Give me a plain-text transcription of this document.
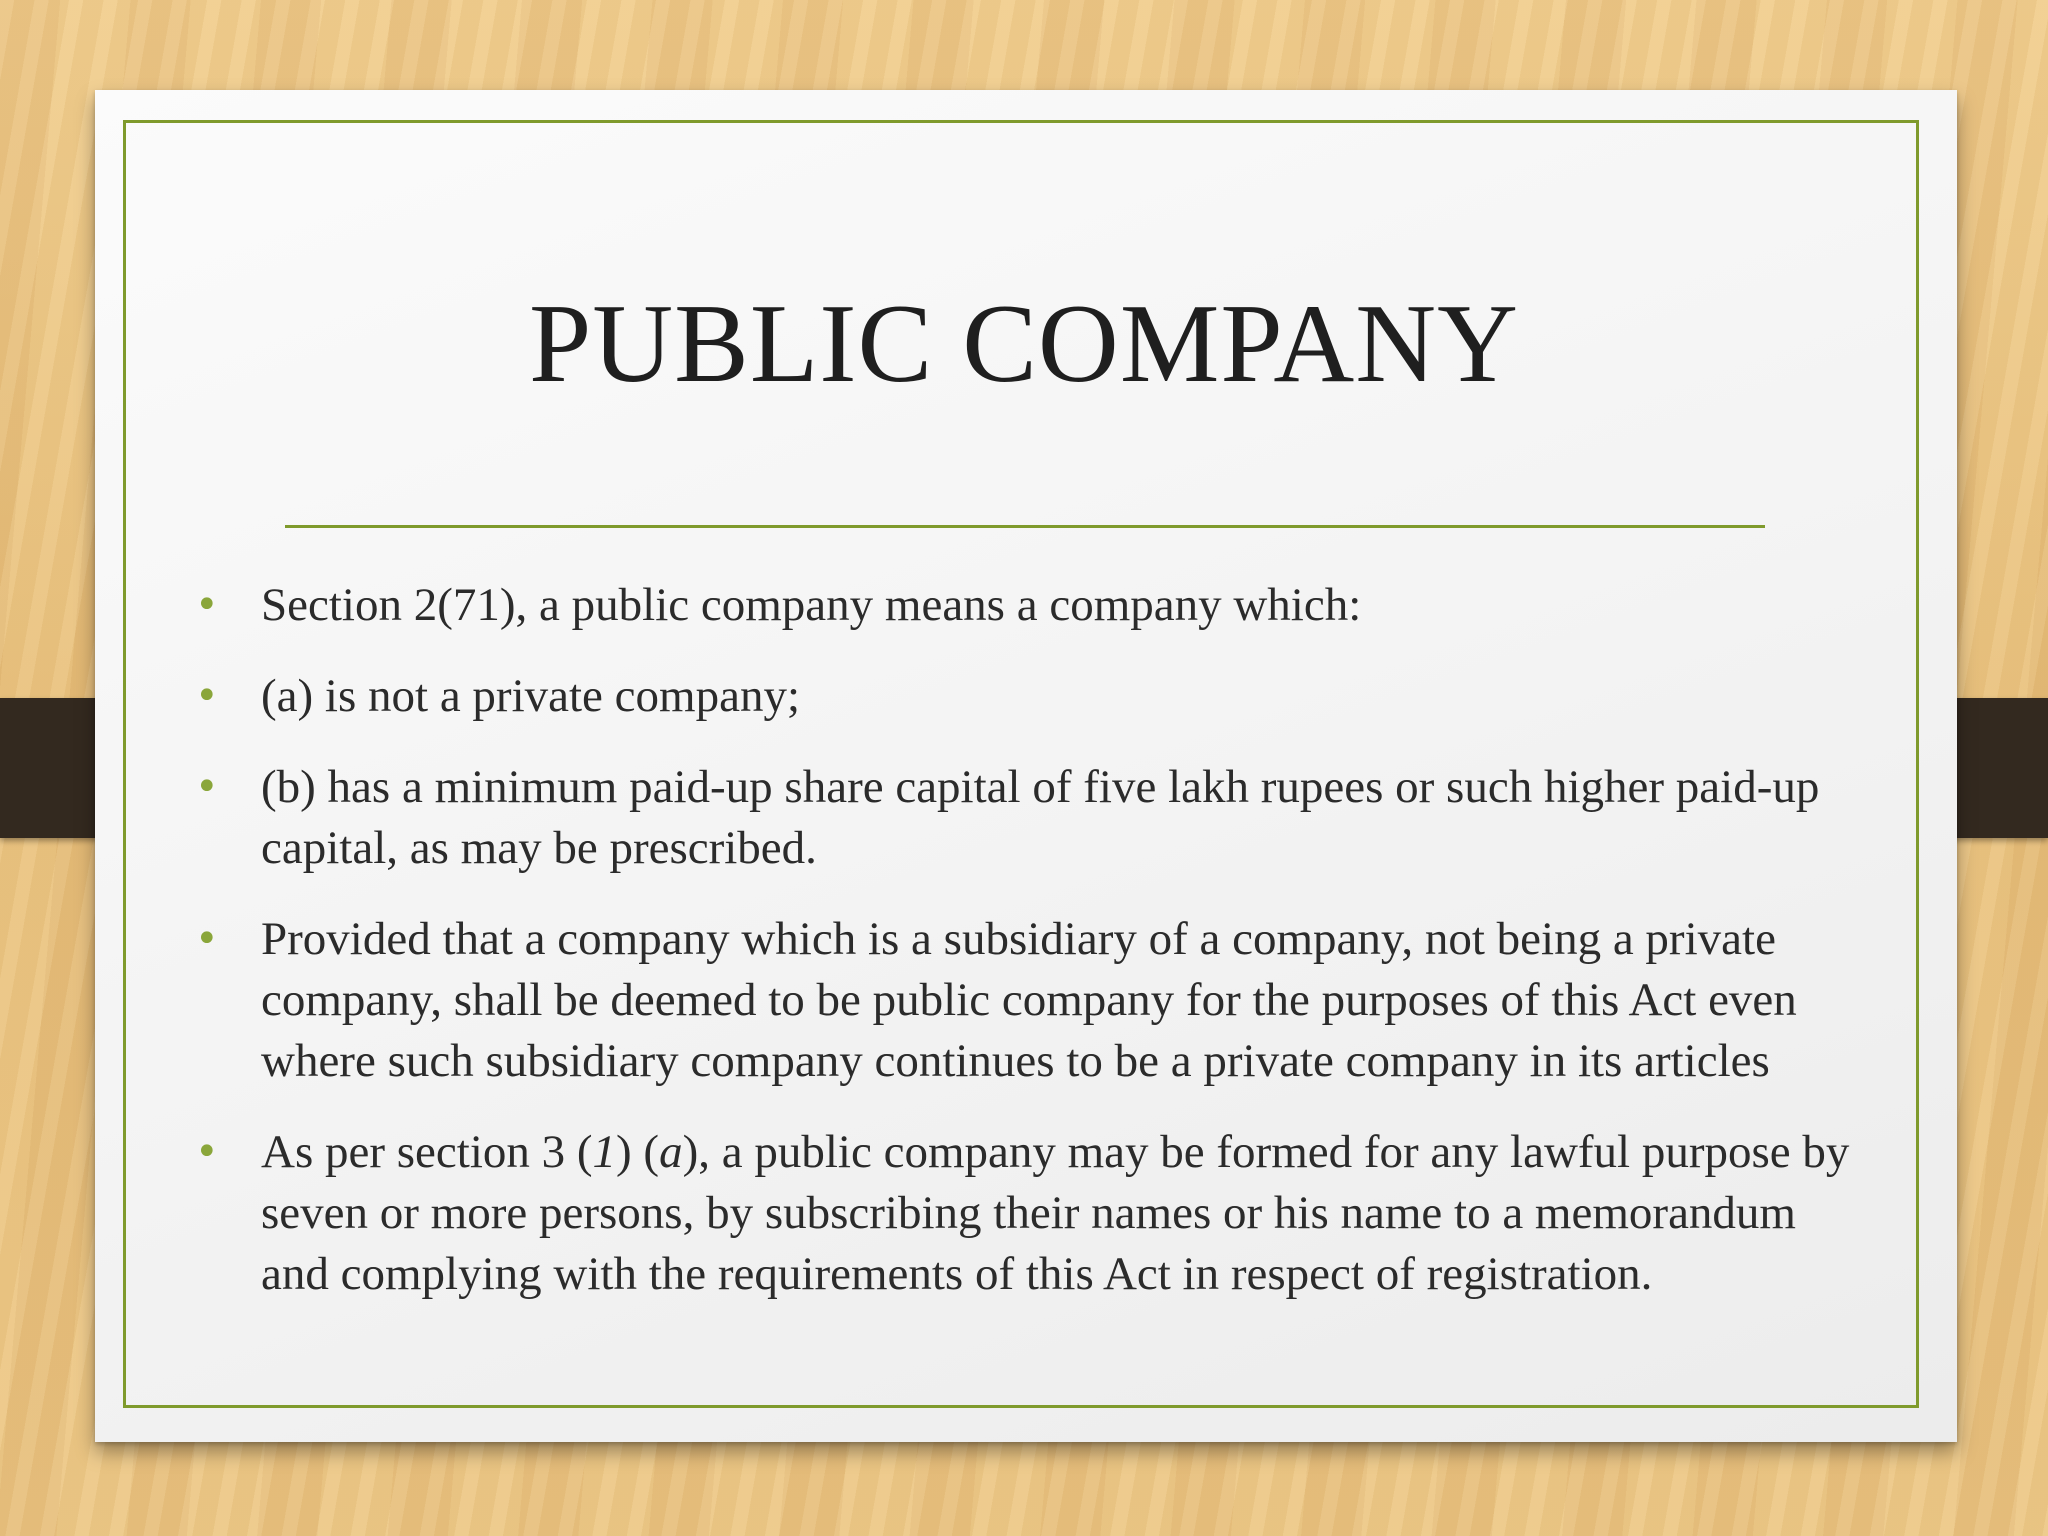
PUBLIC COMPANY
• Section 2(71), a public company means a company which:
• (a) is not a private company;
• (b) has a minimum paid-up share capital of five lakh rupees or such higher paid-up capital, as may be prescribed.
• Provided that a company which is a subsidiary of a company, not being a private company, shall be deemed to be public company for the purposes of this Act even where such subsidiary company continues to be a private company in its articles
• As per section 3 (1) (a), a public company may be formed for any lawful purpose by seven or more persons, by subscribing their names or his name to a memorandum and complying with the requirements of this Act in respect of registration.
